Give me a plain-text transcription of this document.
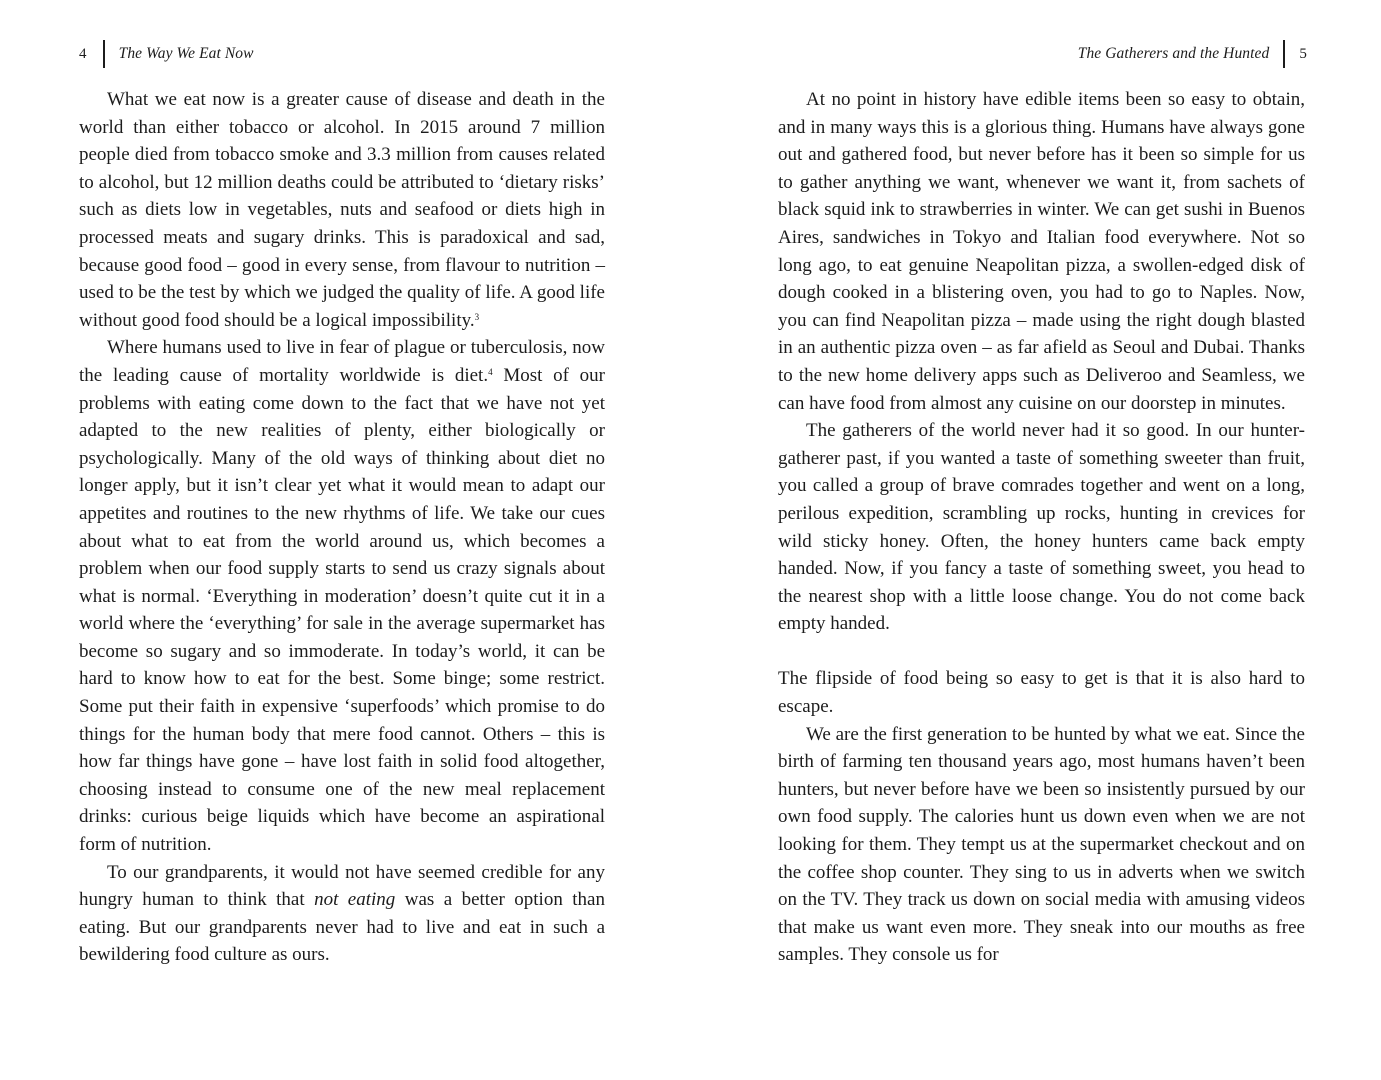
4 The Way We Eat Now

What we eat now is a greater cause of disease and death in the world than either tobacco or alcohol. In 2015 around 7 million people died from tobacco smoke and 3.3 million from causes related to alcohol, but 12 million deaths could be attributed to ‘dietary risks’ such as diets low in vegetables, nuts and seafood or diets high in processed meats and sugary drinks. This is paradoxical and sad, because good food – good in every sense, from flavour to nutrition – used to be the test by which we judged the quality of life. A good life without good food should be a logical impossibility.$^3$

Where humans used to live in fear of plague or tuberculosis, now the leading cause of mortality worldwide is diet.$^4$ Most of our problems with eating come down to the fact that we have not yet adapted to the new realities of plenty, either biologically or psychologically. Many of the old ways of thinking about diet no longer apply, but it isn’t clear yet what it would mean to adapt our appetites and routines to the new rhythms of life. We take our cues about what to eat from the world around us, which becomes a problem when our food supply starts to send us crazy signals about what is normal. ‘Everything in moderation’ doesn’t quite cut it in a world where the ‘everything’ for sale in the average supermarket has become so sugary and so immoderate. In today’s world, it can be hard to know how to eat for the best. Some binge; some restrict. Some put their faith in expensive ‘superfoods’ which promise to do things for the human body that mere food cannot. Others – this is how far things have gone – have lost faith in solid food altogether, choosing instead to consume one of the new meal replacement drinks: curious beige liquids which have become an aspirational form of nutrition.

To our grandparents, it would not have seemed credible for any hungry human to think that not eating was a better option than eating. But our grandparents never had to live and eat in such a bewildering food culture as ours.

The Gatherers and the Hunted 5

At no point in history have edible items been so easy to obtain, and in many ways this is a glorious thing. Humans have always gone out and gathered food, but never before has it been so simple for us to gather anything we want, whenever we want it, from sachets of black squid ink to strawberries in winter. We can get sushi in Buenos Aires, sandwiches in Tokyo and Italian food everywhere. Not so long ago, to eat genuine Neapolitan pizza, a swollen-edged disk of dough cooked in a blistering oven, you had to go to Naples. Now, you can find Neapolitan pizza – made using the right dough blasted in an authentic pizza oven – as far afield as Seoul and Dubai. Thanks to the new home delivery apps such as Deliveroo and Seamless, we can have food from almost any cuisine on our doorstep in minutes.

The gatherers of the world never had it so good. In our hunter-gatherer past, if you wanted a taste of something sweeter than fruit, you called a group of brave comrades together and went on a long, perilous expedition, scrambling up rocks, hunting in crevices for wild sticky honey. Often, the honey hunters came back empty handed. Now, if you fancy a taste of something sweet, you head to the nearest shop with a little loose change. You do not come back empty handed.

The flipside of food being so easy to get is that it is also hard to escape.

We are the first generation to be hunted by what we eat. Since the birth of farming ten thousand years ago, most humans haven’t been hunters, but never before have we been so insistently pursued by our own food supply. The calories hunt us down even when we are not looking for them. They tempt us at the supermarket checkout and on the coffee shop counter. They sing to us in adverts when we switch on the TV. They track us down on social media with amusing videos that make us want even more. They sneak into our mouths as free samples. They console us for
